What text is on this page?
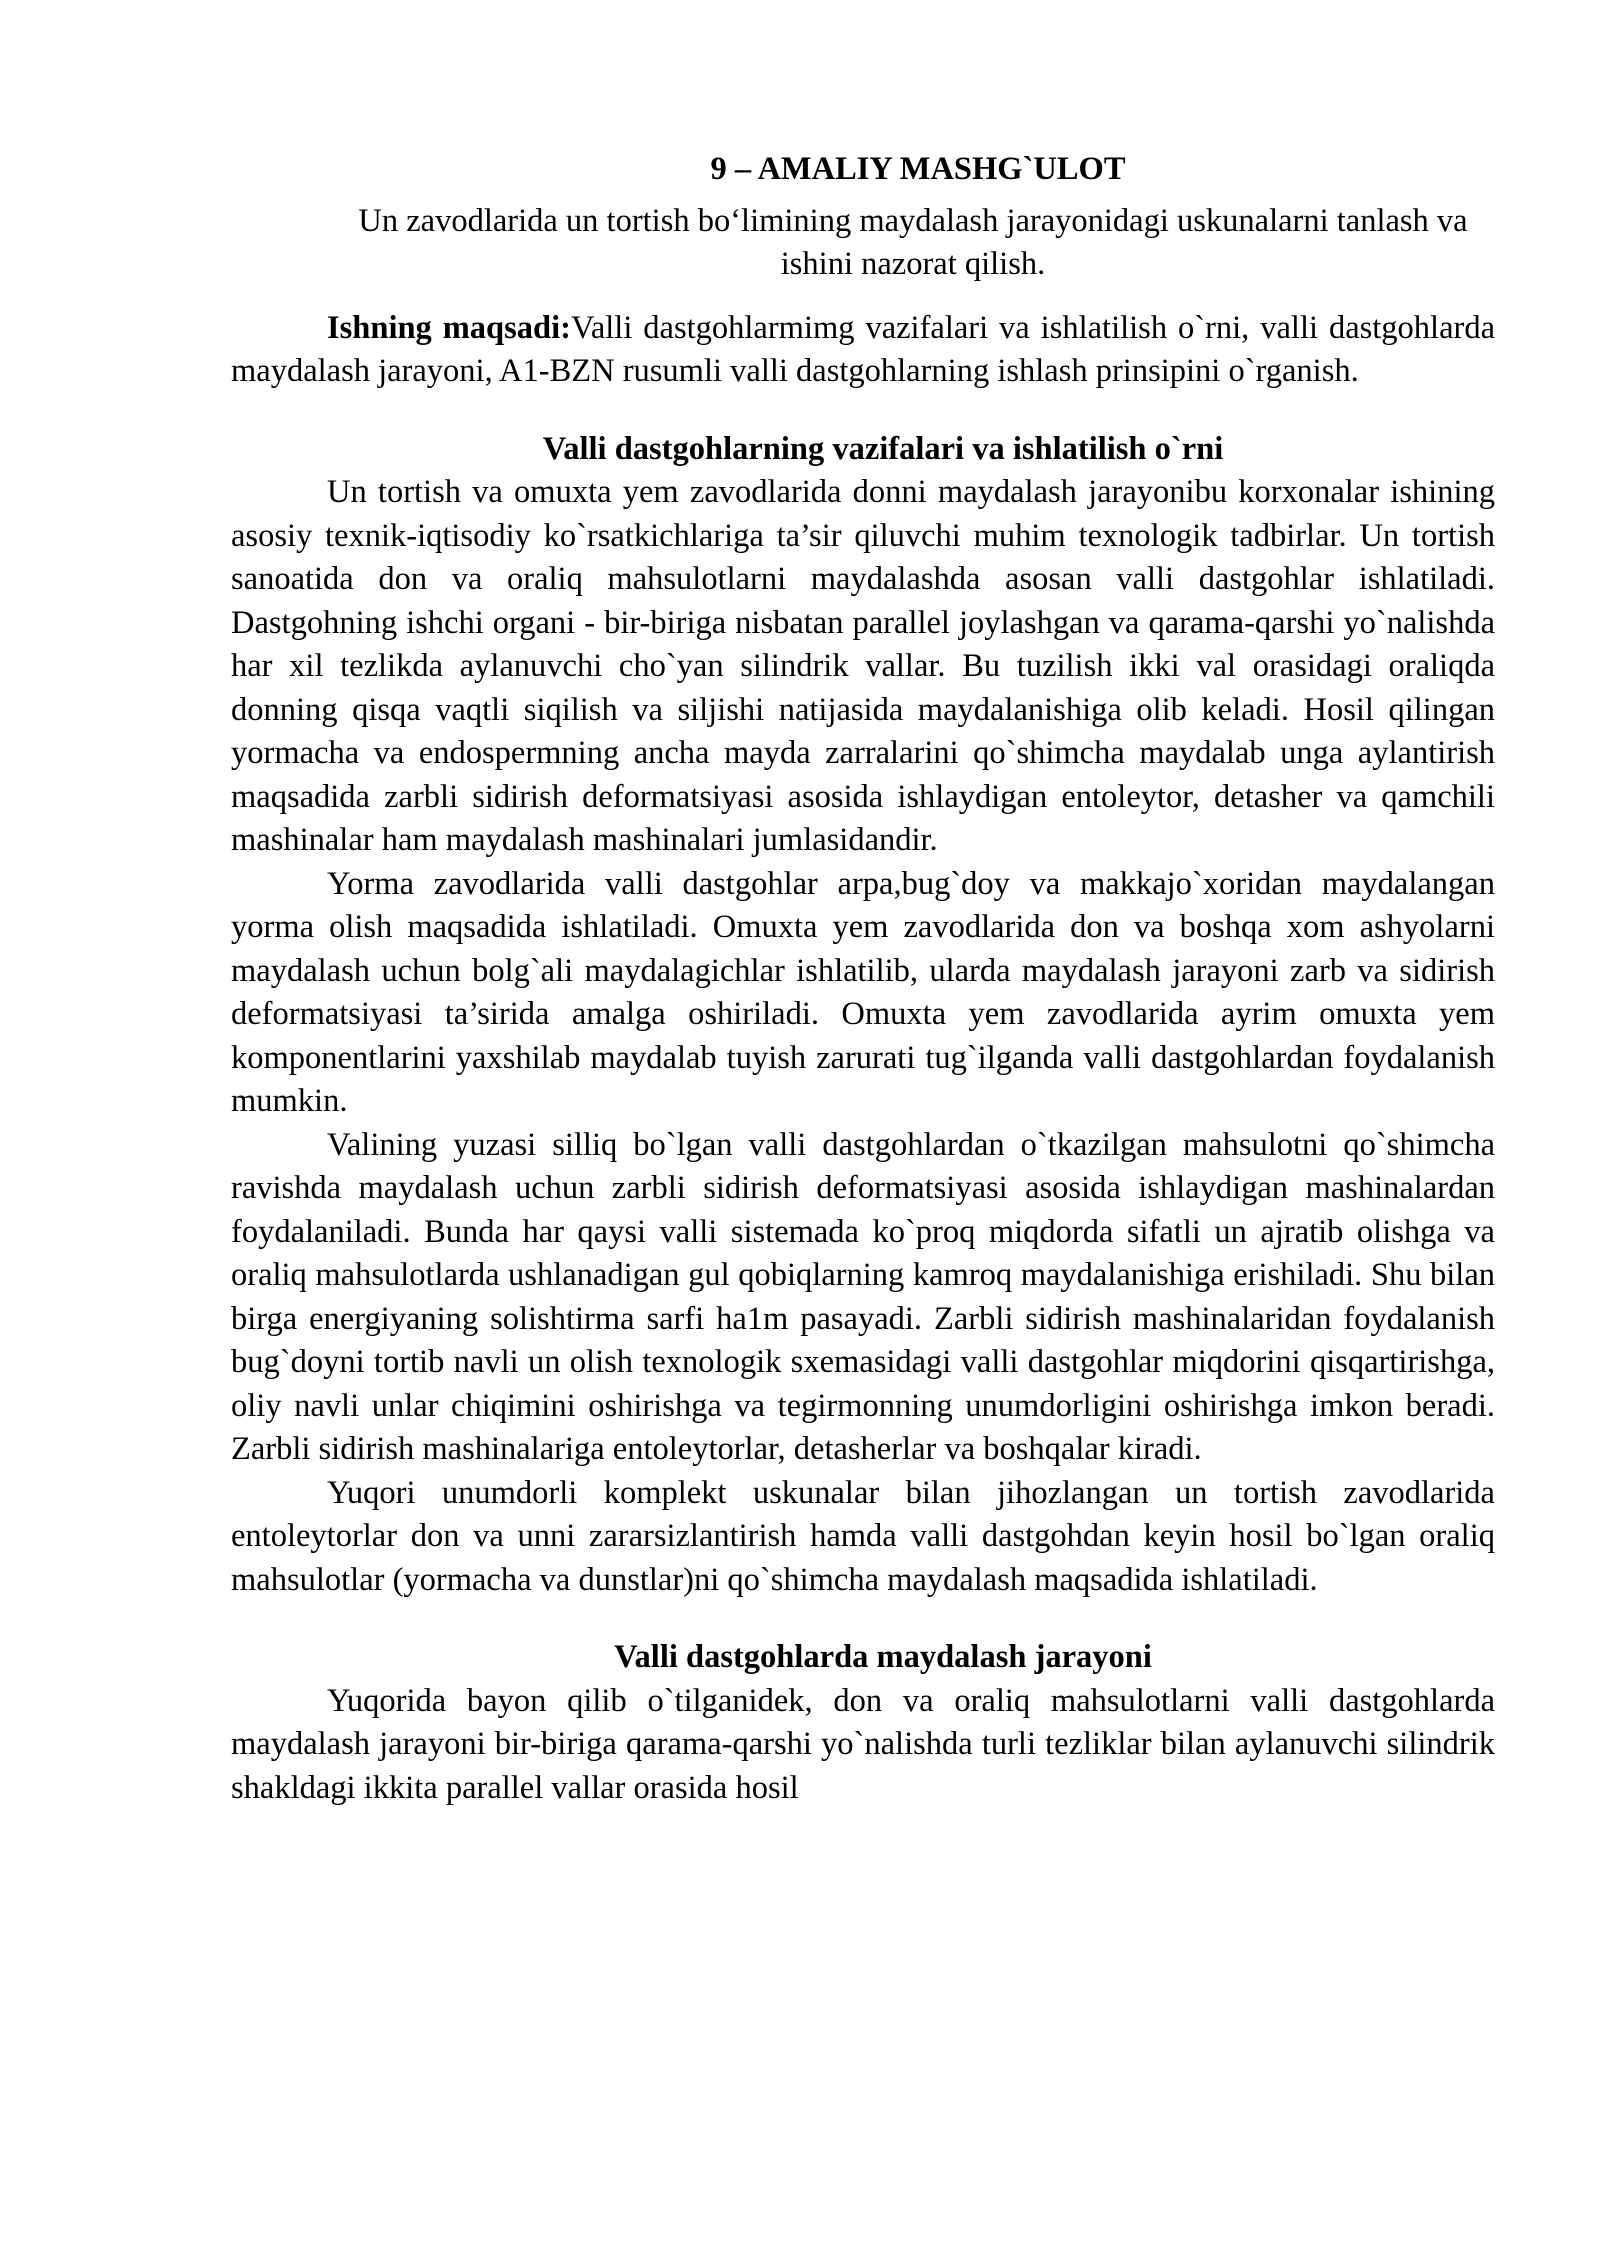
9 – AMALIY MASHG`ULOT
Un zavodlarida un tortish bo‘limining maydalash jarayonidagi uskunalarni tanlash va ishini nazorat qilish.

Ishning maqsadi:Valli dastgohlarmimg vazifalari va ishlatilish o`rni, valli dastgohlarda maydalash jarayoni, A1-BZN rusumli valli dastgohlarning ishlash prinsipini o`rganish.

Valli dastgohlarning vazifalari va ishlatilish o`rni

Un tortish va omuxta yem zavodlarida donni maydalash jarayonibu korxonalar ishining asosiy texnik-iqtisodiy ko`rsatkichlariga ta’sir qiluvchi muhim texnologik tadbirlar. Un tortish sanoatida don va oraliq mahsulotlarni maydalashda asosan valli dastgohlar ishlatiladi. Dastgohning ishchi organi - bir-biriga nisbatan parallel joylashgan va qarama-qarshi yo`nalishda har xil tezlikda aylanuvchi cho`yan silindrik vallar. Bu tuzilish ikki val orasidagi oraliqda donning qisqa vaqtli siqilish va siljishi natijasida maydalanishiga olib keladi. Hosil qilingan yormacha va endospermning ancha mayda zarralarini qo`shimcha maydalab unga aylantirish maqsadida zarbli sidirish deformatsiyasi asosida ishlaydigan entoleytor, detasher va qamchili mashinalar ham maydalash mashinalari jumlasidandir.

Yorma zavodlarida valli dastgohlar arpa,bug`doy va makkajo`xoridan maydalangan yorma olish maqsadida ishlatiladi. Omuxta yem zavodlarida don va boshqa xom ashyolarni maydalash uchun bolg`ali maydalagichlar ishlatilib, ularda maydalash jarayoni zarb va sidirish deformatsiyasi ta’sirida amalga oshiriladi. Omuxta yem zavodlarida ayrim omuxta yem komponentlarini yaxshilab maydalab tuyish zarurati tug`ilganda valli dastgohlardan foydalanish mumkin.

Valining yuzasi silliq bo`lgan valli dastgohlardan o`tkazilgan mahsulotni qo`shimcha ravishda maydalash uchun zarbli sidirish deformatsiyasi asosida ishlaydigan mashinalardan foydalaniladi. Bunda har qaysi valli sistemada ko`proq miqdorda sifatli un ajratib olishga va oraliq mahsulotlarda ushlanadigan gul qobiqlarning kamroq maydalanishiga erishiladi. Shu bilan birga energiyaning solishtirma sarfi ha1m pasayadi. Zarbli sidirish mashinalaridan foydalanish bug`doyni tortib navli un olish texnologik sxemasidagi valli dastgohlar miqdorini qisqartirishga, oliy navli unlar chiqimini oshirishga va tegirmonning unumdorligini oshirishga imkon beradi. Zarbli sidirish mashinalariga entoleytorlar, detasherlar va boshqalar kiradi.

Yuqori unumdorli komplekt uskunalar bilan jihozlangan un tortish zavodlarida entoleytorlar don va unni zararsizlantirish hamda valli dastgohdan keyin hosil bo`lgan oraliq mahsulotlar (yormacha va dunstlar)ni qo`shimcha maydalash maqsadida ishlatiladi.

Valli dastgohlarda maydalash jarayoni

Yuqorida bayon qilib o`tilganidek, don va oraliq mahsulotlarni valli dastgohlarda maydalash jarayoni bir-biriga qarama-qarshi yo`nalishda turli tezliklar bilan aylanuvchi silindrik shakldagi ikkita parallel vallar orasida hosil
